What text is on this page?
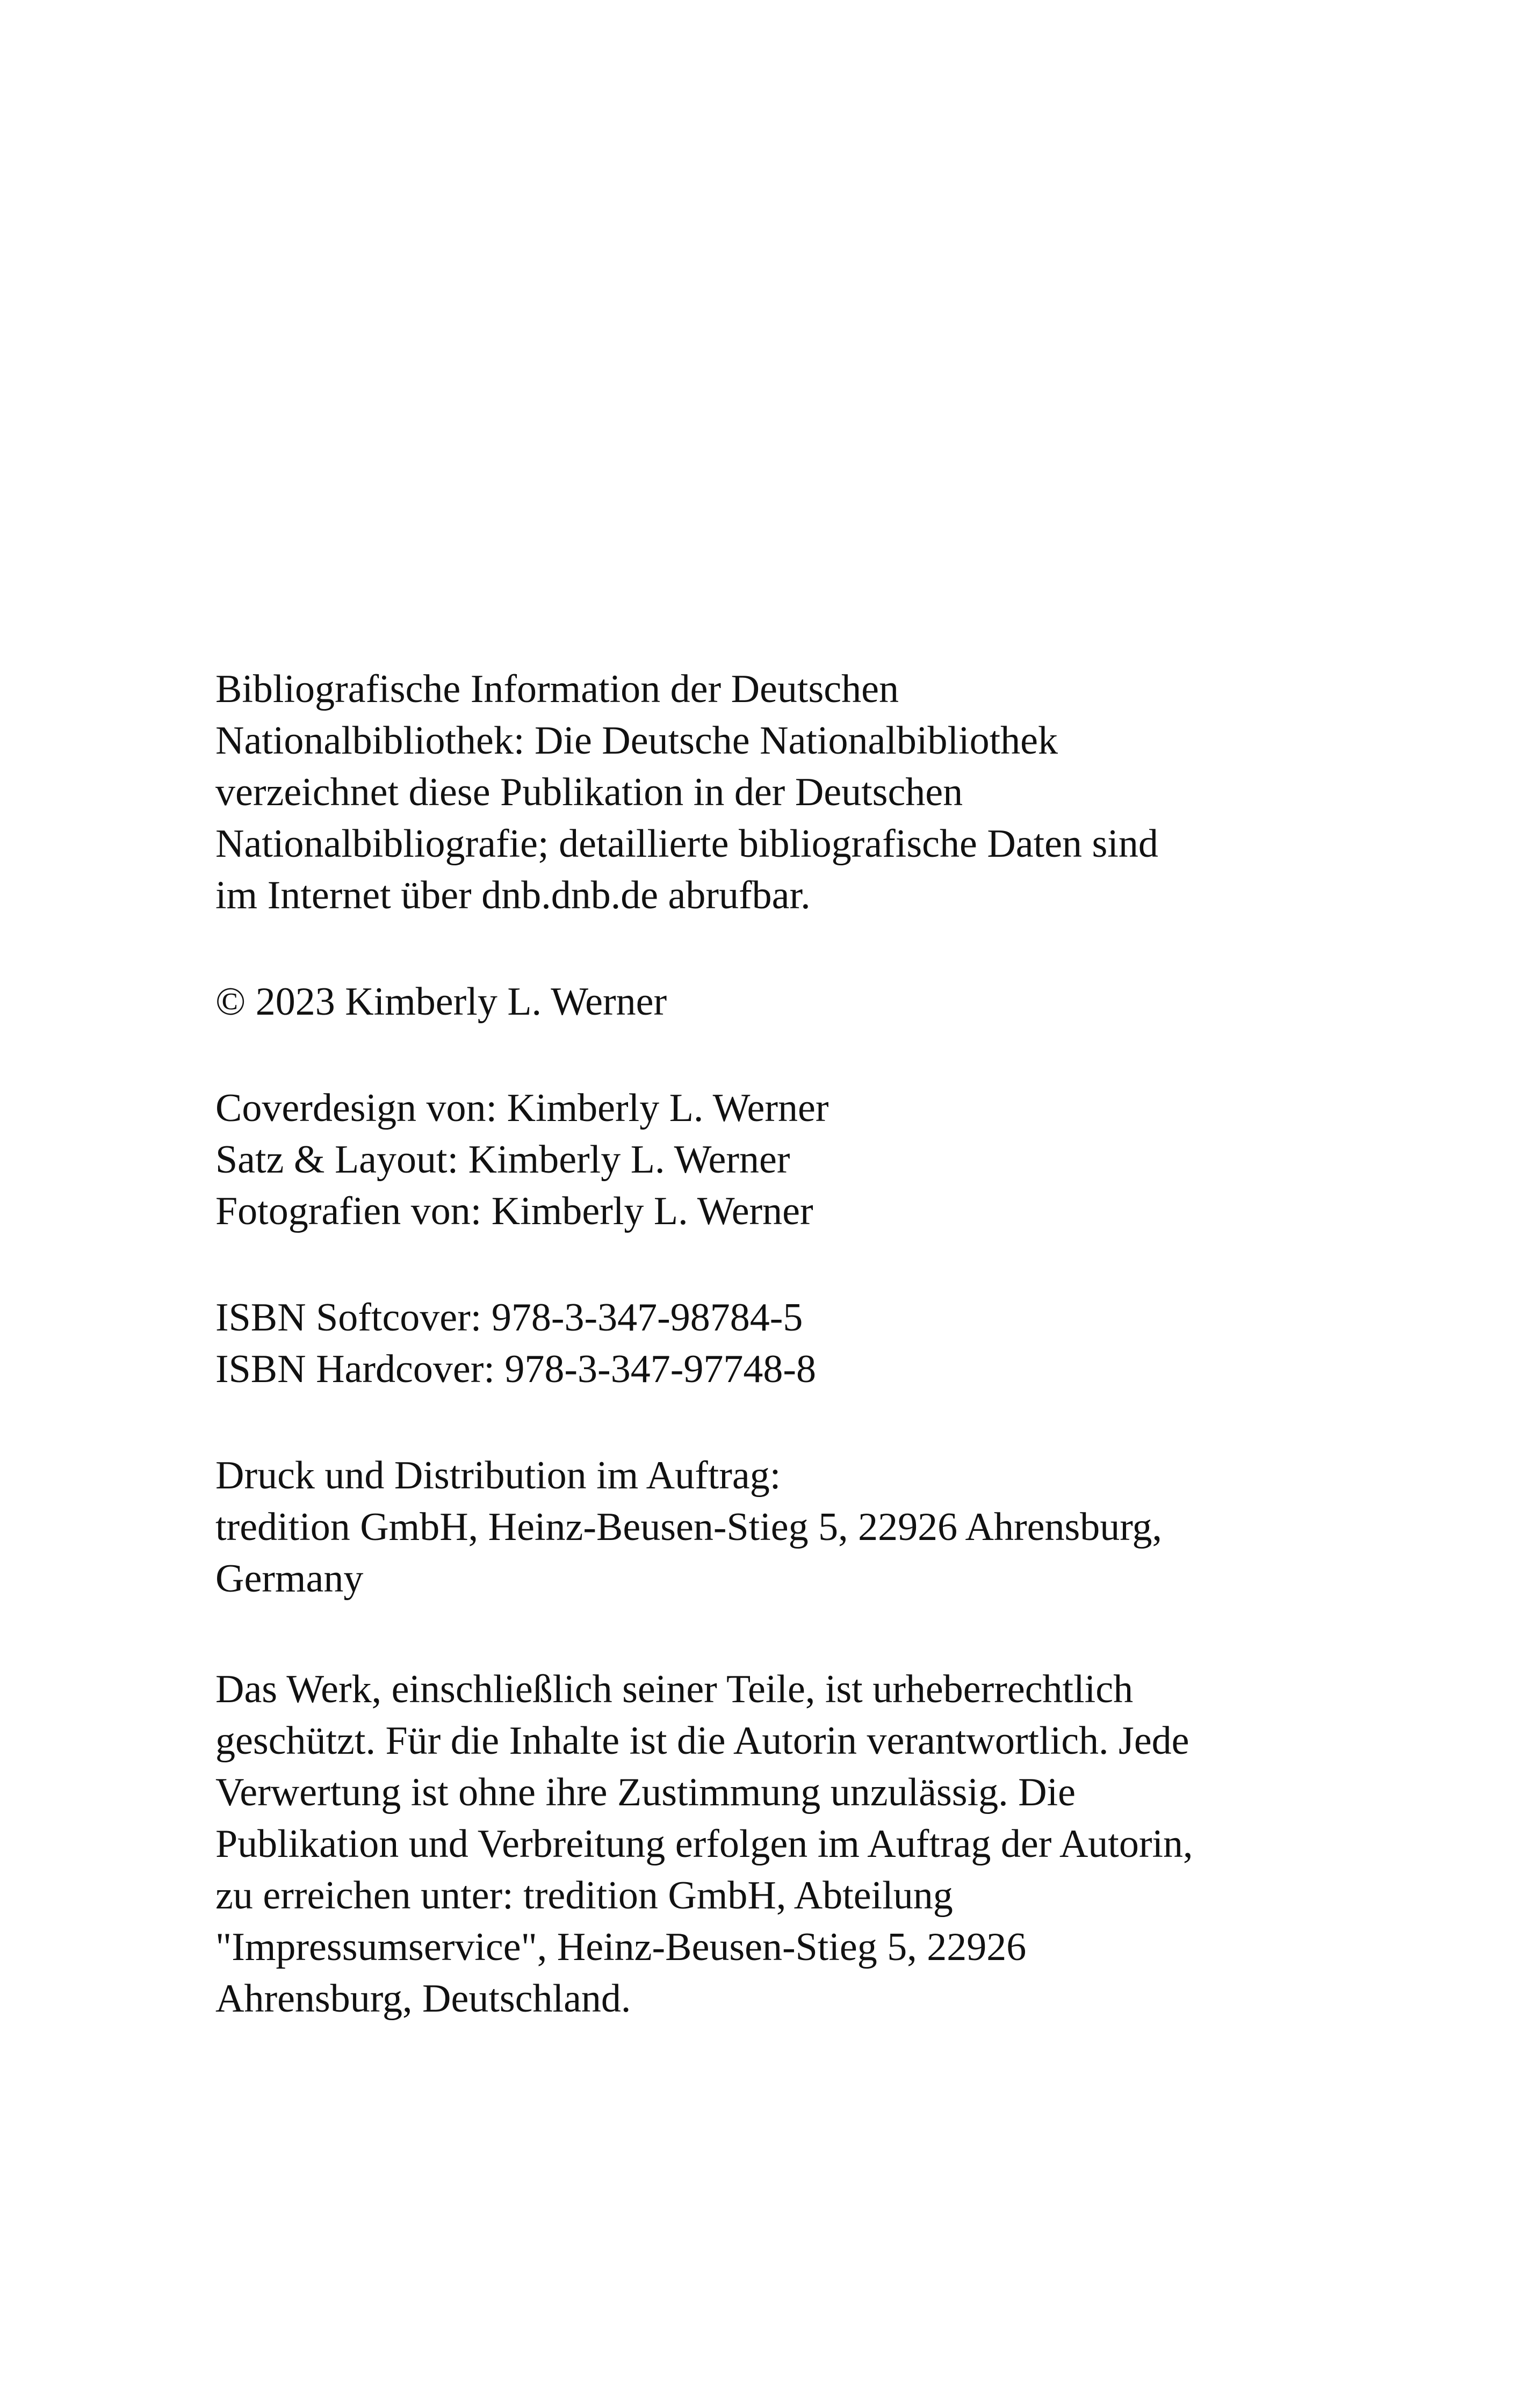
Bibliografische Information der Deutschen
Nationalbibliothek: Die Deutsche Nationalbibliothek
verzeichnet diese Publikation in der Deutschen
Nationalbibliografie; detaillierte bibliografische Daten sind
im Internet über dnb.dnb.de abrufbar.
© 2023 Kimberly L. Werner
Coverdesign von: Kimberly L. Werner
Satz & Layout: Kimberly L. Werner
Fotografien von: Kimberly L. Werner
ISBN Softcover: 978-3-347-98784-5
ISBN Hardcover: 978-3-347-97748-8
Druck und Distribution im Auftrag:
tredition GmbH, Heinz-Beusen-Stieg 5, 22926 Ahrensburg,
Germany
Das Werk, einschließlich seiner Teile, ist urheberrechtlich
geschützt. Für die Inhalte ist die Autorin verantwortlich. Jede
Verwertung ist ohne ihre Zustimmung unzulässig. Die
Publikation und Verbreitung erfolgen im Auftrag der Autorin,
zu erreichen unter: tredition GmbH, Abteilung
"Impressumservice", Heinz-Beusen-Stieg 5, 22926
Ahrensburg, Deutschland.
